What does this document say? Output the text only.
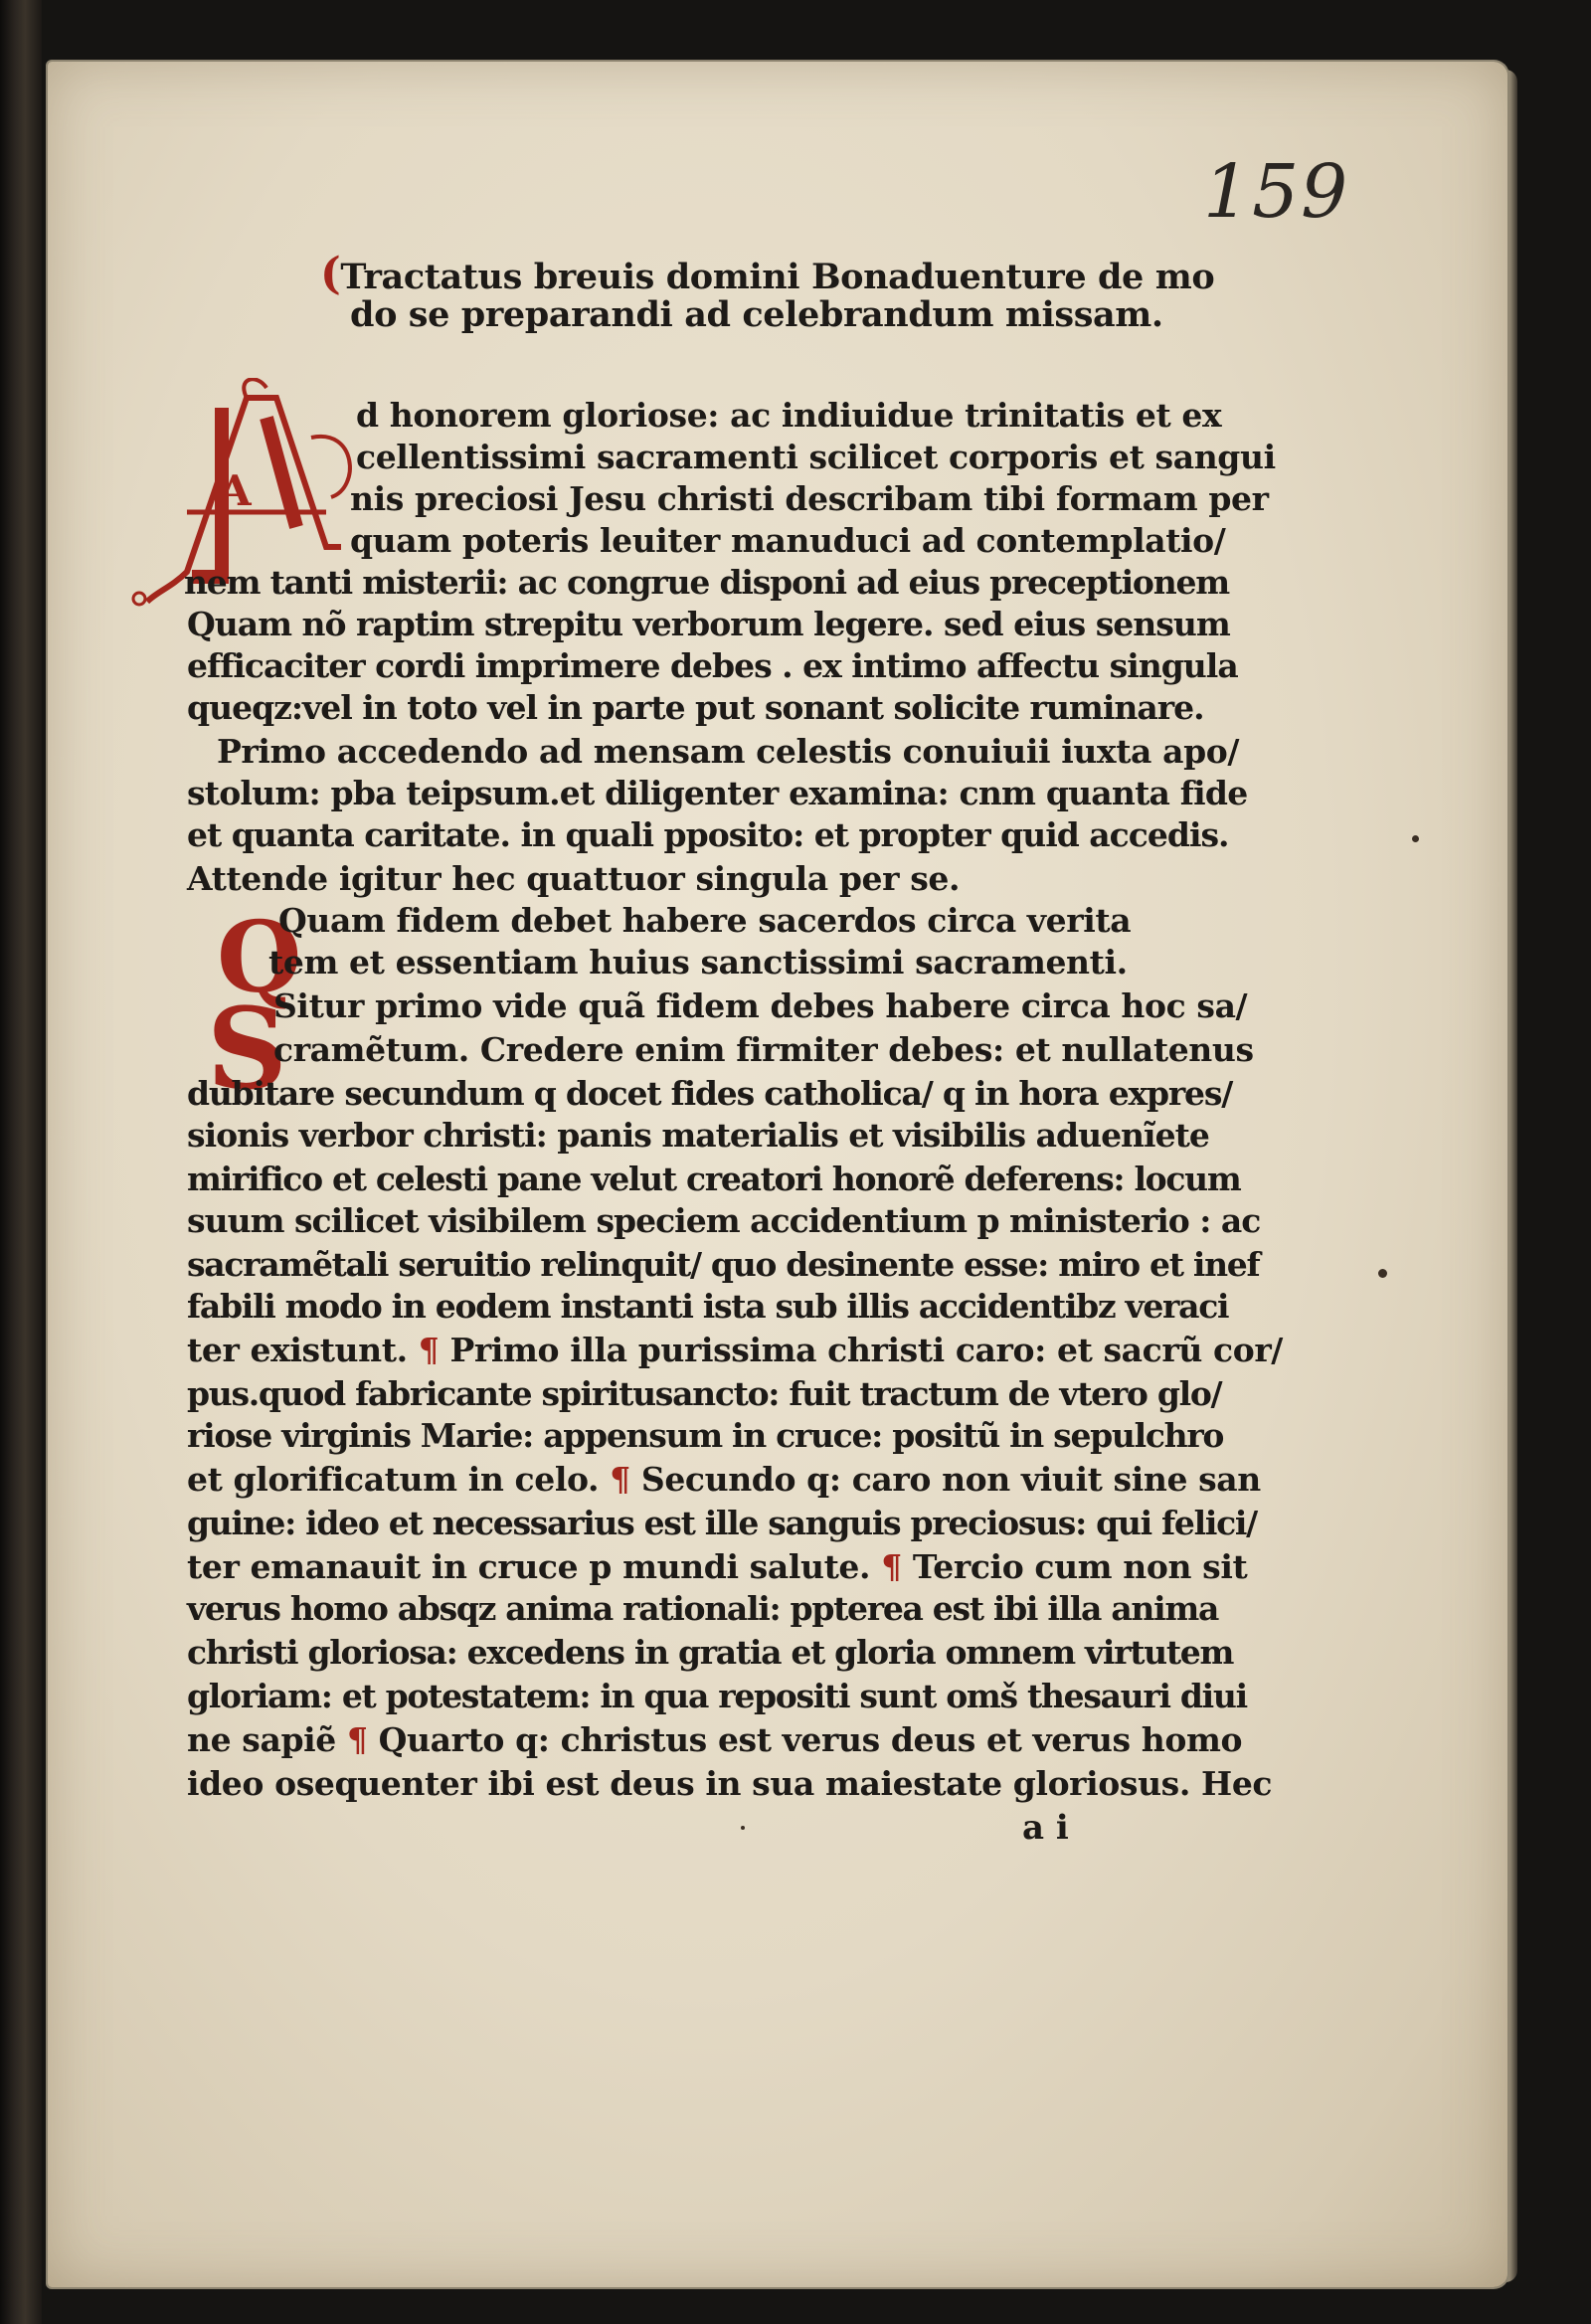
159
(Tractatus breuis domini Bonaduenture de mo
do se preparandi ad celebrandum missam.
A
d honorem gloriose: ac indiuidue trinitatis et ex
cellentissimi sacramenti scilicet corporis et sangui
nis preciosi Jesu christi describam tibi formam per
quam poteris leuiter manuduci ad contemplatio/
nem tanti misterii: ac congrue disponi ad eius preceptionem
Quam nõ raptim strepitu verborum legere. sed eius sensum
efficaciter cordi imprimere debes . ex intimo affectu singula
queqz:vel in toto vel in parte put sonant solicite ruminare.
Primo accedendo ad mensam celestis conuiuii iuxta apo/
stolum: pba teipsum.et diligenter examina: cnm quanta fide
et quanta caritate. in quali pposito: et propter quid accedis.
Attende igitur hec quattuor singula per se.
Q
Quam fidem debet habere sacerdos circa verita
tem et essentiam huius sanctissimi sacramenti.
S
Situr primo vide quã fidem debes habere circa hoc sa/
cramẽtum. Credere enim firmiter debes: et nullatenus
dubitare secundum q docet fides catholica/ q in hora expres/
sionis verbor christi: panis materialis et visibilis aduenĩete
mirifico et celesti pane velut creatori honorẽ deferens: locum
suum scilicet visibilem speciem accidentium p ministerio : ac
sacramẽtali seruitio relinquit/ quo desinente esse: miro et inef
fabili modo in eodem instanti ista sub illis accidentibz veraci
ter existunt. ¶ Primo illa purissima christi caro: et sacrũ cor/
pus.quod fabricante spiritusancto: fuit tractum de vtero glo/
riose virginis Marie: appensum in cruce: positũ in sepulchro
et glorificatum in celo. ¶ Secundo q: caro non viuit sine san
guine: ideo et necessarius est ille sanguis preciosus: qui felici/
ter emanauit in cruce p mundi salute. ¶ Tercio cum non sit
verus homo absqz anima rationali: ppterea est ibi illa anima
christi gloriosa: excedens in gratia et gloria omnem virtutem
gloriam: et potestatem: in qua repositi sunt omš thesauri diui
ne sapiẽ ¶ Quarto q: christus est verus deus et verus homo
ideo osequenter ibi est deus in sua maiestate gloriosus. Hec
a i
